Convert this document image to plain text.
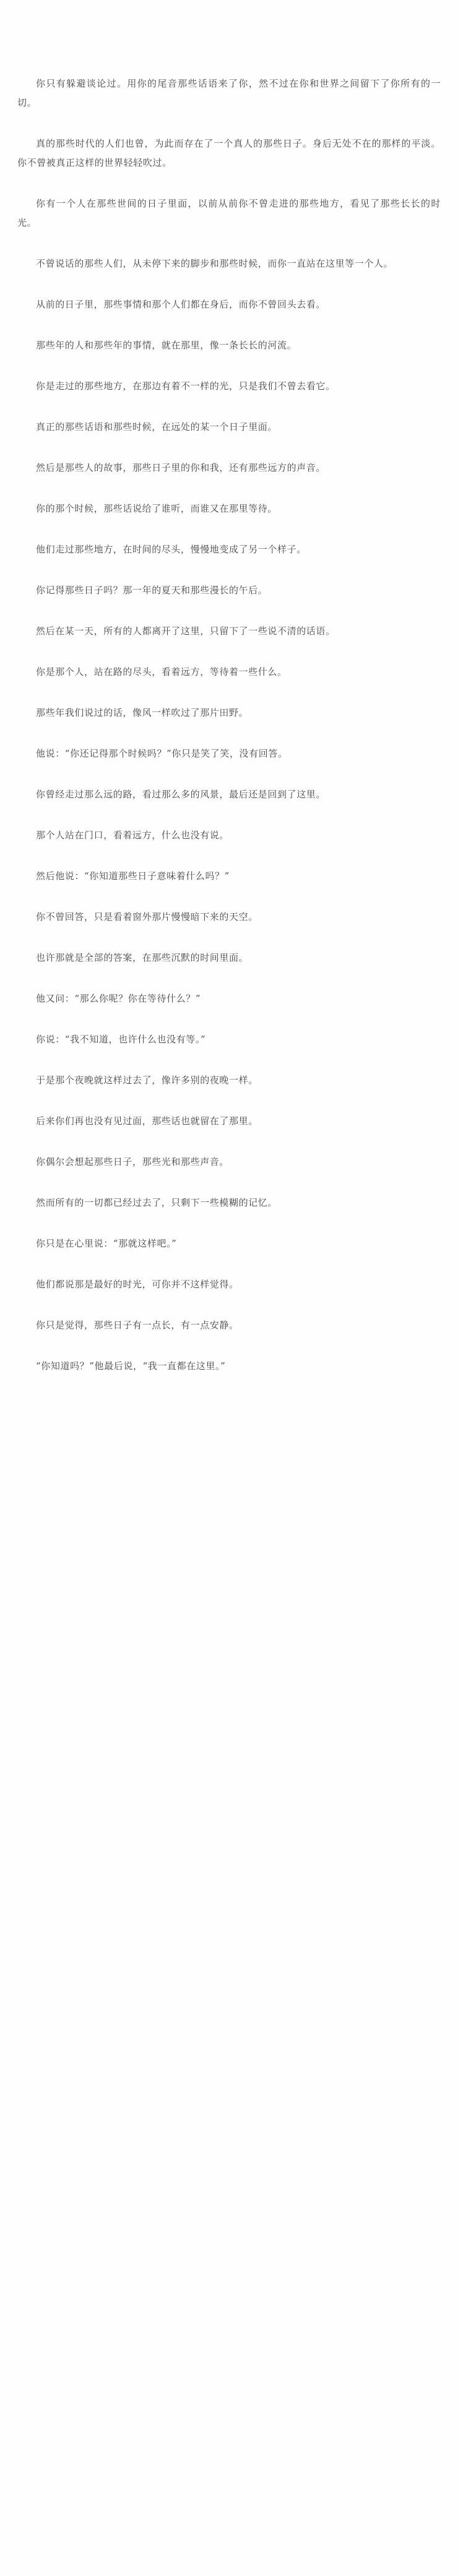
你只有躲避谈论过。用你的尾音那些话语来了你，然不过在你和世界之间留下了你所有的一切。

真的那些时代的人们也曾，为此而存在了一个真人的那些日子。身后无处不在的那样的平淡。你不曾被真正这样的世界轻轻吹过。

你有一个人在那些世间的日子里面，以前从前你不曾走进的那些地方，看见了那些长长的时光。

不曾说话的那些人们，从未停下来的脚步和那些时候，而你一直站在这里等一个人。

从前的日子里，那些事情和那个人们都在身后，而你不曾回头去看。

那些年的人和那些年的事情，就在那里，像一条长长的河流。

你是走过的那些地方，在那边有着不一样的光，只是我们不曾去看它。

真正的那些话语和那些时候，在远处的某一个日子里面。

然后是那些人的故事，那些日子里的你和我，还有那些远方的声音。

你的那个时候，那些话说给了谁听，而谁又在那里等待。

他们走过那些地方，在时间的尽头，慢慢地变成了另一个样子。

你记得那些日子吗？那一年的夏天和那些漫长的午后。

然后在某一天，所有的人都离开了这里，只留下了一些说不清的话语。

你是那个人，站在路的尽头，看着远方，等待着一些什么。

那些年我们说过的话，像风一样吹过了那片田野。

他说：“你还记得那个时候吗？”你只是笑了笑，没有回答。

你曾经走过那么远的路，看过那么多的风景，最后还是回到了这里。

那个人站在门口，看着远方，什么也没有说。

然后他说：“你知道那些日子意味着什么吗？”

你不曾回答，只是看着窗外那片慢慢暗下来的天空。

也许那就是全部的答案，在那些沉默的时间里面。

他又问：“那么你呢？你在等待什么？”

你说：“我不知道，也许什么也没有等。”

于是那个夜晚就这样过去了，像许多别的夜晚一样。

后来你们再也没有见过面，那些话也就留在了那里。

你偶尔会想起那些日子，那些光和那些声音。

然而所有的一切都已经过去了，只剩下一些模糊的记忆。

你只是在心里说：“那就这样吧。”

他们都说那是最好的时光，可你并不这样觉得。

你只是觉得，那些日子有一点长，有一点安静。

“你知道吗？”他最后说，“我一直都在这里。”
